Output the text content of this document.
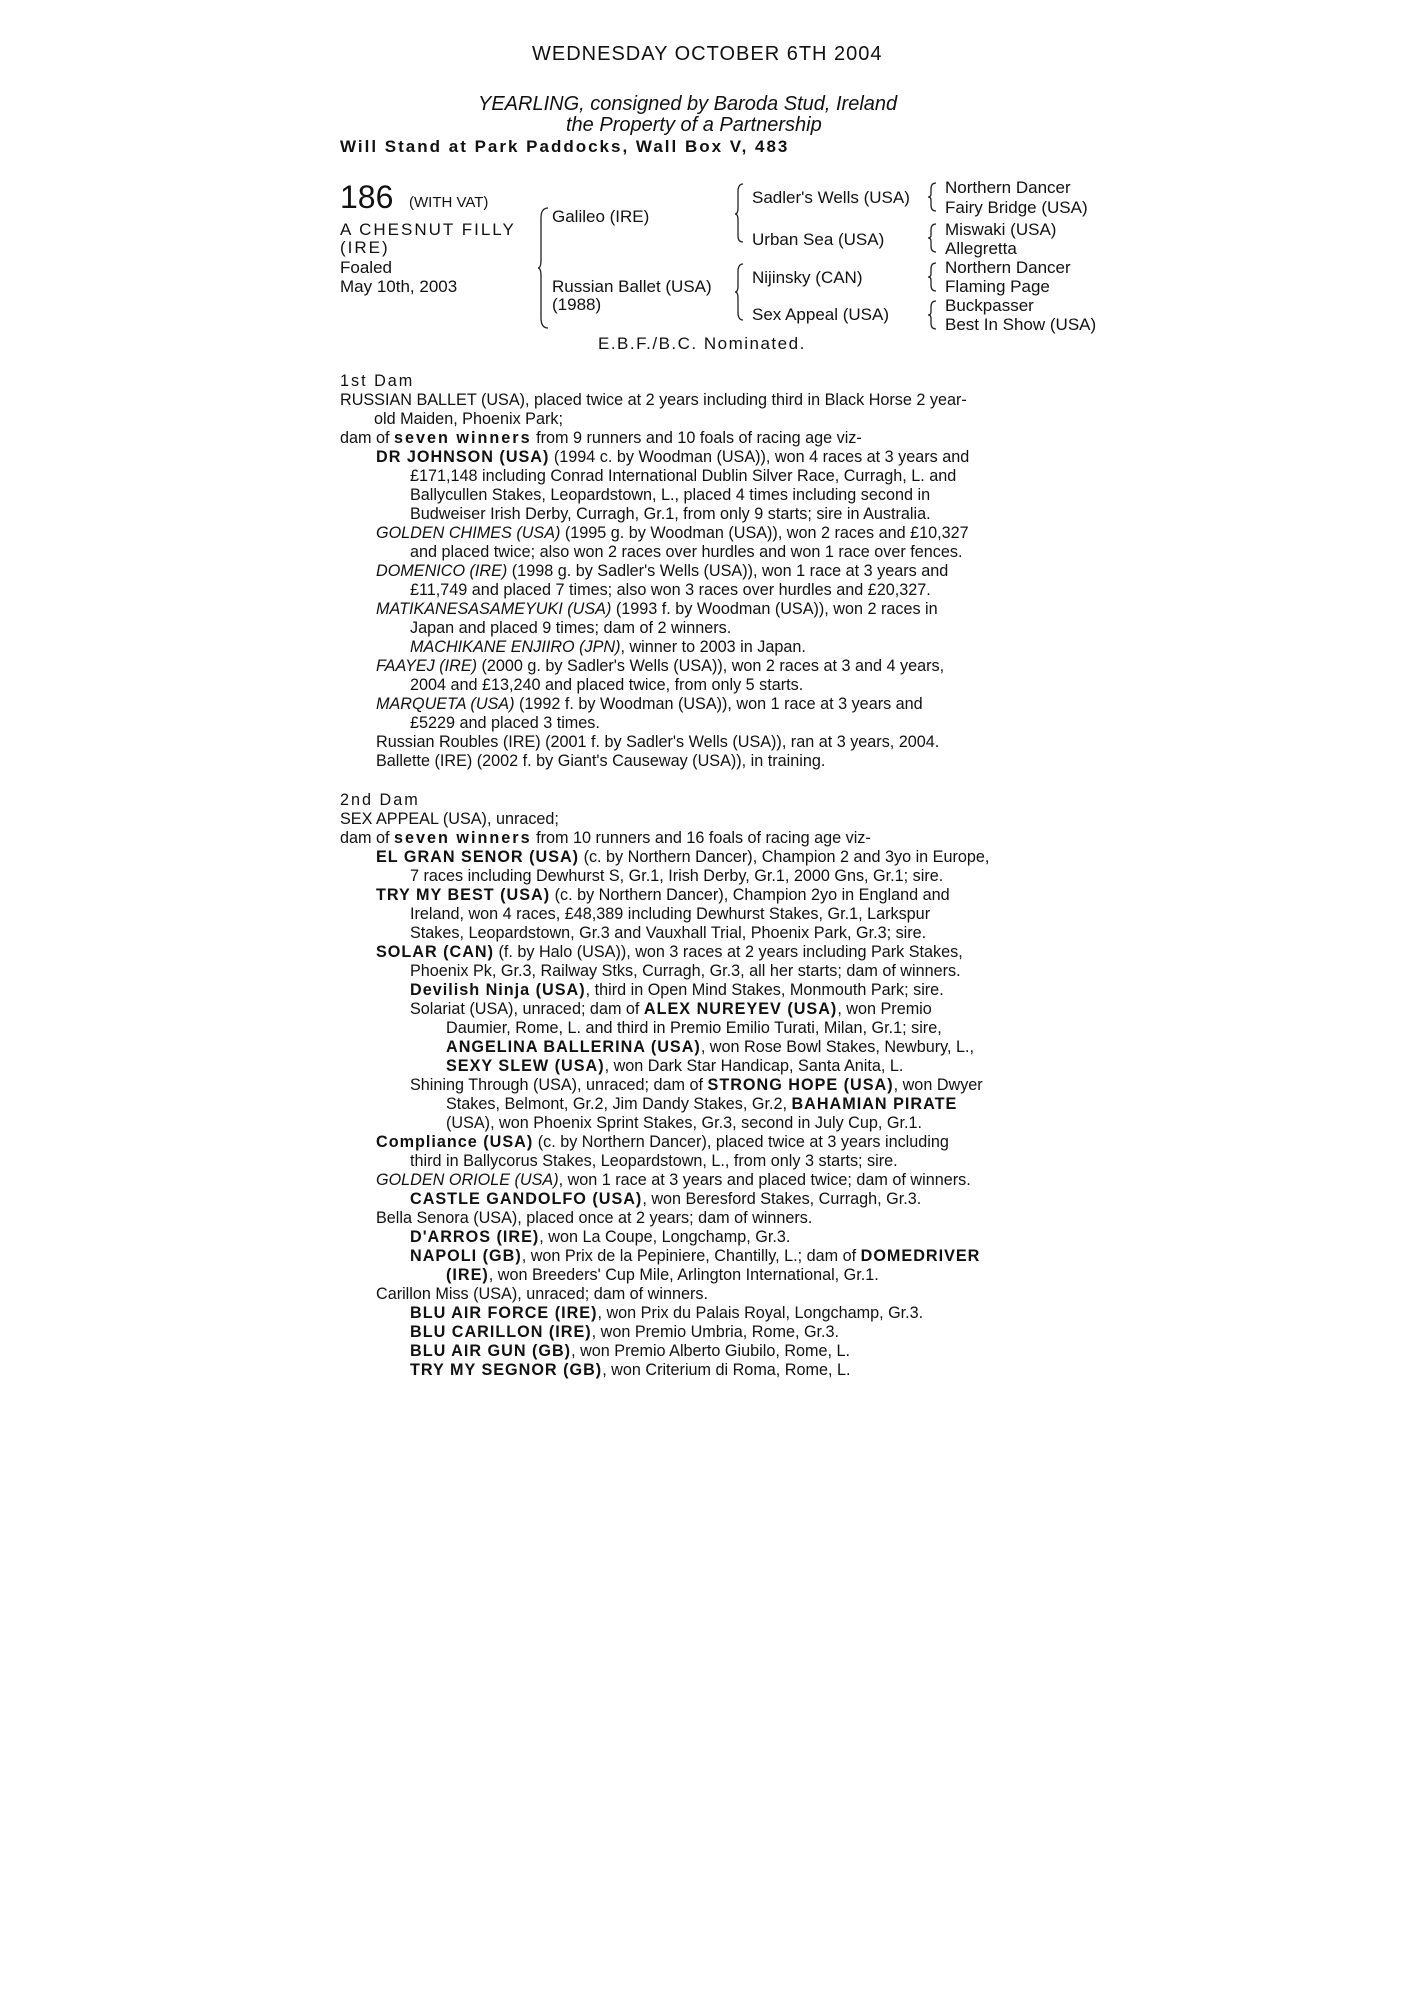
WEDNESDAY OCTOBER 6TH 2004
YEARLING, consigned by Baroda Stud, Ireland
the Property of a Partnership
Will Stand at Park Paddocks, Wall Box V, 483
186 (WITH VAT)
A CHESNUT FILLY
(IRE)
Foaled
May 10th, 2003
Galileo (IRE)
Russian Ballet (USA)
(1988)
Sadler's Wells (USA)
Urban Sea (USA)
Nijinsky (CAN)
Sex Appeal (USA)
Northern Dancer
Fairy Bridge (USA)
Miswaki (USA)
Allegretta
Northern Dancer
Flaming Page
Buckpasser
Best In Show (USA)
E.B.F./B.C. Nominated.
1st Dam
RUSSIAN BALLET (USA), placed twice at 2 years including third in Black Horse 2 year-
old Maiden, Phoenix Park;
dam of seven winners from 9 runners and 10 foals of racing age viz-
DR JOHNSON (USA) (1994 c. by Woodman (USA)), won 4 races at 3 years and
£171,148 including Conrad International Dublin Silver Race, Curragh, L. and
Ballycullen Stakes, Leopardstown, L., placed 4 times including second in
Budweiser Irish Derby, Curragh, Gr.1, from only 9 starts; sire in Australia.
GOLDEN CHIMES (USA) (1995 g. by Woodman (USA)), won 2 races and £10,327
and placed twice; also won 2 races over hurdles and won 1 race over fences.
DOMENICO (IRE) (1998 g. by Sadler's Wells (USA)), won 1 race at 3 years and
£11,749 and placed 7 times; also won 3 races over hurdles and £20,327.
MATIKANESASAMEYUKI (USA) (1993 f. by Woodman (USA)), won 2 races in
Japan and placed 9 times; dam of 2 winners.
MACHIKANE ENJIIRO (JPN), winner to 2003 in Japan.
FAAYEJ (IRE) (2000 g. by Sadler's Wells (USA)), won 2 races at 3 and 4 years,
2004 and £13,240 and placed twice, from only 5 starts.
MARQUETA (USA) (1992 f. by Woodman (USA)), won 1 race at 3 years and
£5229 and placed 3 times.
Russian Roubles (IRE) (2001 f. by Sadler's Wells (USA)), ran at 3 years, 2004.
Ballette (IRE) (2002 f. by Giant's Causeway (USA)), in training.
2nd Dam
SEX APPEAL (USA), unraced;
dam of seven winners from 10 runners and 16 foals of racing age viz-
EL GRAN SENOR (USA) (c. by Northern Dancer), Champion 2 and 3yo in Europe,
7 races including Dewhurst S, Gr.1, Irish Derby, Gr.1, 2000 Gns, Gr.1; sire.
TRY MY BEST (USA) (c. by Northern Dancer), Champion 2yo in England and
Ireland, won 4 races, £48,389 including Dewhurst Stakes, Gr.1, Larkspur
Stakes, Leopardstown, Gr.3 and Vauxhall Trial, Phoenix Park, Gr.3; sire.
SOLAR (CAN) (f. by Halo (USA)), won 3 races at 2 years including Park Stakes,
Phoenix Pk, Gr.3, Railway Stks, Curragh, Gr.3, all her starts; dam of winners.
Devilish Ninja (USA), third in Open Mind Stakes, Monmouth Park; sire.
Solariat (USA), unraced; dam of ALEX NUREYEV (USA), won Premio
Daumier, Rome, L. and third in Premio Emilio Turati, Milan, Gr.1; sire,
ANGELINA BALLERINA (USA), won Rose Bowl Stakes, Newbury, L.,
SEXY SLEW (USA), won Dark Star Handicap, Santa Anita, L.
Shining Through (USA), unraced; dam of STRONG HOPE (USA), won Dwyer
Stakes, Belmont, Gr.2, Jim Dandy Stakes, Gr.2, BAHAMIAN PIRATE
(USA), won Phoenix Sprint Stakes, Gr.3, second in July Cup, Gr.1.
Compliance (USA) (c. by Northern Dancer), placed twice at 3 years including
third in Ballycorus Stakes, Leopardstown, L., from only 3 starts; sire.
GOLDEN ORIOLE (USA), won 1 race at 3 years and placed twice; dam of winners.
CASTLE GANDOLFO (USA), won Beresford Stakes, Curragh, Gr.3.
Bella Senora (USA), placed once at 2 years; dam of winners.
D'ARROS (IRE), won La Coupe, Longchamp, Gr.3.
NAPOLI (GB), won Prix de la Pepiniere, Chantilly, L.; dam of DOMEDRIVER
(IRE), won Breeders' Cup Mile, Arlington International, Gr.1.
Carillon Miss (USA), unraced; dam of winners.
BLU AIR FORCE (IRE), won Prix du Palais Royal, Longchamp, Gr.3.
BLU CARILLON (IRE), won Premio Umbria, Rome, Gr.3.
BLU AIR GUN (GB), won Premio Alberto Giubilo, Rome, L.
TRY MY SEGNOR (GB), won Criterium di Roma, Rome, L.
